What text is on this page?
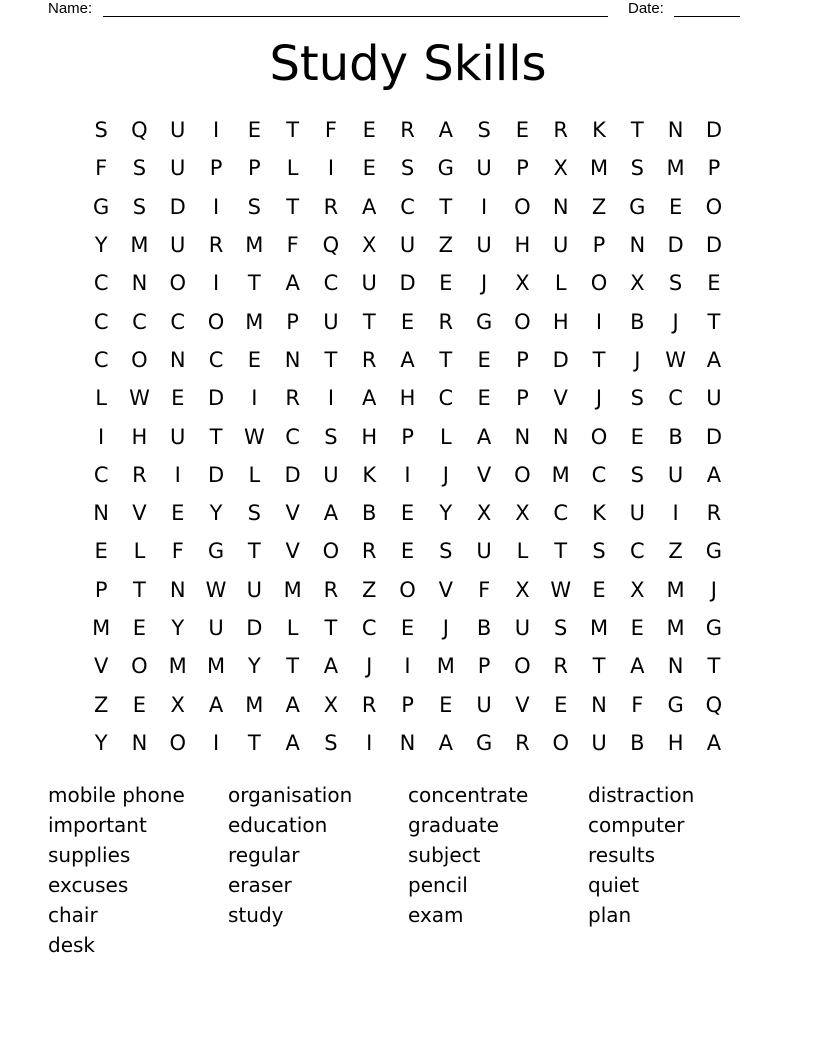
Name:	Date:
Study Skills
S	Q	U	I	E	T	F	E	R	A	S	E	R	K	T	N	D
F	S	U	P	P	L	I	E	S	G	U	P	X	M	S	M	P
G	S	D	I	S	T	R	A	C	T	I	O	N	Z	G	E	O
Y	M	U	R	M	F	Q	X	U	Z	U	H	U	P	N	D	D
C	N	O	I	T	A	C	U	D	E	J	X	L	O	X	S	E
C	C	C	O M	P	U	T	E	R	G	O	H	I	B	J	T
C	O	N	C	E	N	T	R	A	T	E	P	D	T	J	W A
L	W	E	D	I	R	I	A	H	C	E	P	V	J	S	C	U
I	H	U	T	W C	S	H	P	L	A	N	N	O	E	B	D
C	R	I	D	L	D	U	K	I	J	V	O M	C	S	U	A
N	V	E	Y	S	V	A	B	E	Y	X	X	C	K	U	I	R
E	L	F	G	T	V	O	R	E	S	U	L	T	S	C	Z	G
P	T	N W U	M	R	Z	O	V	F	X W	E	X	M	J
M	E	Y	U	D	L	T	C	E	J	B	U	S	M	E	M	G
V	O M M	Y	T	A	J	I	M	P	O	R	T	A	N	T
Z	E	X	A	M	A	X	R	P	E	U	V	E	N	F	G	Q
Y	N	O	I	T	A	S	I	N	A	G	R	O	U	B	H	A
mobile phone	organisation	concentrate	distraction
important	education	graduate	computer
supplies	regular	subject	results
excuses	eraser	pencil	quiet
chair	study	exam	plan
desk
